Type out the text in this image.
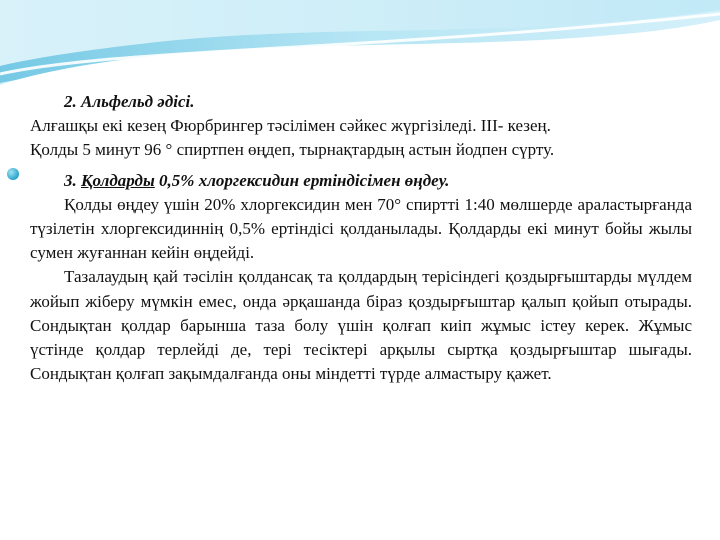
2. Альфельд әдісі.

Алғашқы екі кезең Фюрбрингер тәсілімен сәйкес жүргізіледі. ІІІ- кезең.

Қолды 5 минут 96 ° спиртпен өңдеп, тырнақтардың астын йодпен сүрту.

3. Қолдарды 0,5% хлоргексидин ертіндісімен өңдеу.

Қолды өңдеу үшін 20% хлоргексидин мен 70° спиртті 1:40 мөлшерде араластырғанда түзілетін хлоргексидиннің 0,5% ертіндісі қолданылады. Қолдарды екі минут бойы жылы сумен жуғаннан кейін өңдейді.

Тазалаудың қай тәсілін қолдансақ та қолдардың терісіндегі қоздырғыштарды мүлдем жойып жіберу мүмкін емес, онда әрқашанда біраз қоздырғыштар қалып қойып отырады. Сондықтан қолдар барынша таза болу үшін қолғап киіп жұмыс істеу керек. Жұмыс үстінде қолдар терлейді де, тері тесіктері арқылы сыртқа қоздырғыштар шығады. Сондықтан қолғап зақымдалғанда оны міндетті түрде алмастыру қажет.
